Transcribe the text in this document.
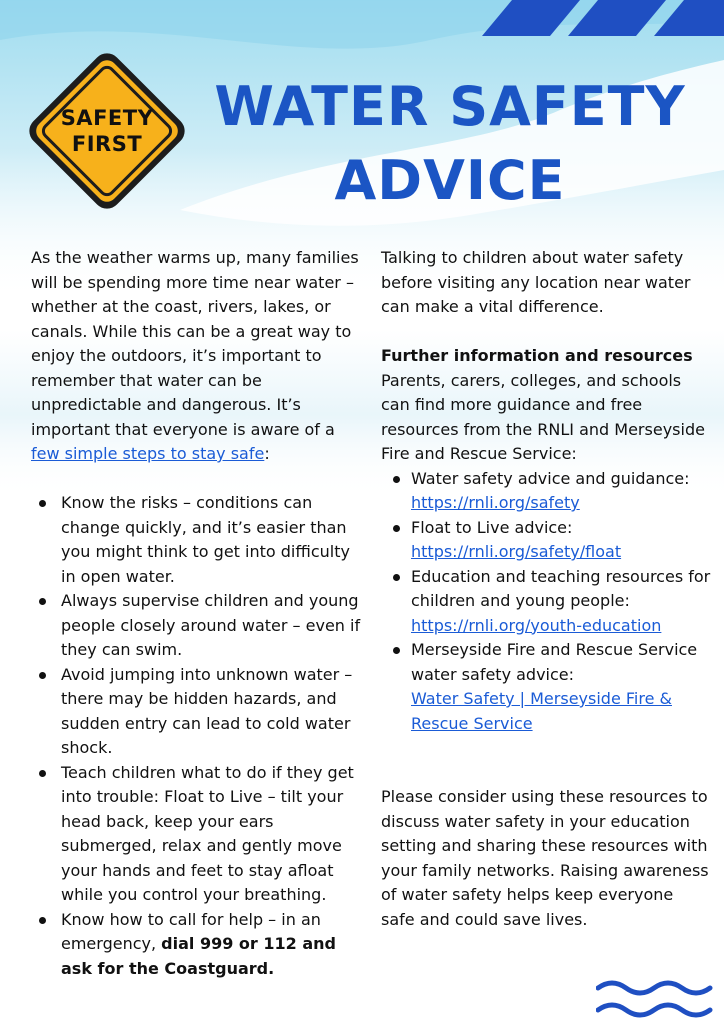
SAFETY
FIRST
WATER SAFETY
ADVICE

As the weather warms up, many families will be spending more time near water – whether at the coast, rivers, lakes, or canals. While this can be a great way to enjoy the outdoors, it’s important to remember that water can be unpredictable and dangerous. It’s important that everyone is aware of a few simple steps to stay safe:

Know the risks – conditions can change quickly, and it’s easier than you might think to get into difficulty in open water.
Always supervise children and young people closely around water – even if they can swim.
Avoid jumping into unknown water – there may be hidden hazards, and sudden entry can lead to cold water shock.
Teach children what to do if they get into trouble: Float to Live – tilt your head back, keep your ears submerged, relax and gently move your hands and feet to stay afloat while you control your breathing.
Know how to call for help – in an emergency, dial 999 or 112 and ask for the Coastguard.

Talking to children about water safety before visiting any location near water can make a vital difference.

Further information and resources

Parents, carers, colleges, and schools can find more guidance and free resources from the RNLI and Merseyside Fire and Rescue Service:

Water safety advice and guidance:
https://rnli.org/safety
Float to Live advice:
https://rnli.org/safety/float
Education and teaching resources for children and young people:
https://rnli.org/youth-education
Merseyside Fire and Rescue Service water safety advice:
Water Safety | Merseyside Fire & Rescue Service

Please consider using these resources to discuss water safety in your education setting and sharing these resources with your family networks. Raising awareness of water safety helps keep everyone safe and could save lives.
